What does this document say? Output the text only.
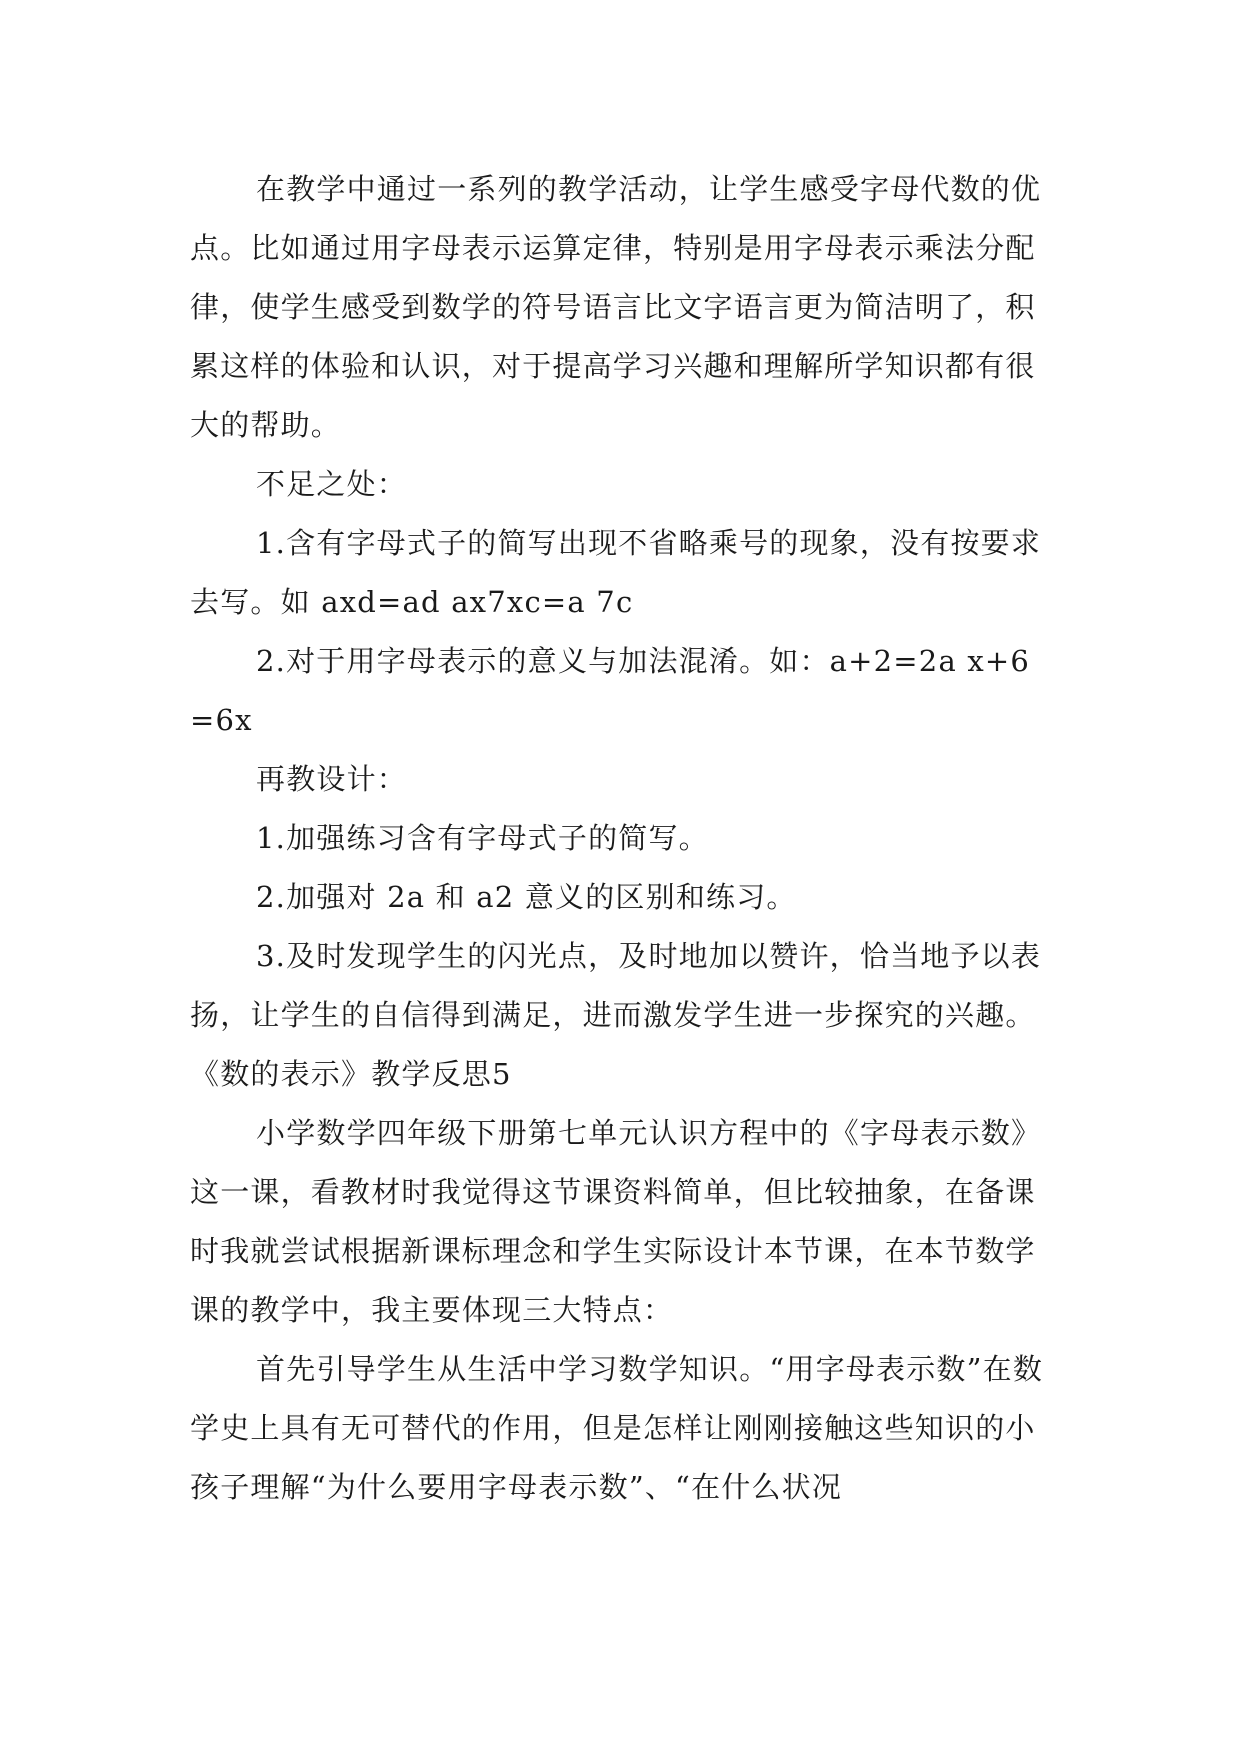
在教学中通过一系列的教学活动，让学生感受字母代数的优点。比如通过用字母表示运算定律，特别是用字母表示乘法分配律，使学生感受到数学的符号语言比文字语言更为简洁明了，积累这样的体验和认识，对于提高学习兴趣和理解所学知识都有很大的帮助。

不足之处：

1.含有字母式子的简写出现不省略乘号的现象，没有按要求去写。如 axd=ad ax7xc=a 7c

2.对于用字母表示的意义与加法混淆。如：a+2=2a x+6=6x

再教设计：

1.加强练习含有字母式子的简写。

2.加强对 2a 和 a2 意义的区别和练习。

3.及时发现学生的闪光点，及时地加以赞许，恰当地予以表扬，让学生的自信得到满足，进而激发学生进一步探究的兴趣。

《数的表示》教学反思5

小学数学四年级下册第七单元认识方程中的《字母表示数》这一课，看教材时我觉得这节课资料简单，但比较抽象，在备课时我就尝试根据新课标理念和学生实际设计本节课，在本节数学课的教学中，我主要体现三大特点：

首先引导学生从生活中学习数学知识。“用字母表示数”在数学史上具有无可替代的作用，但是怎样让刚刚接触这些知识的小孩子理解“为什么要用字母表示数”、“在什么状况
